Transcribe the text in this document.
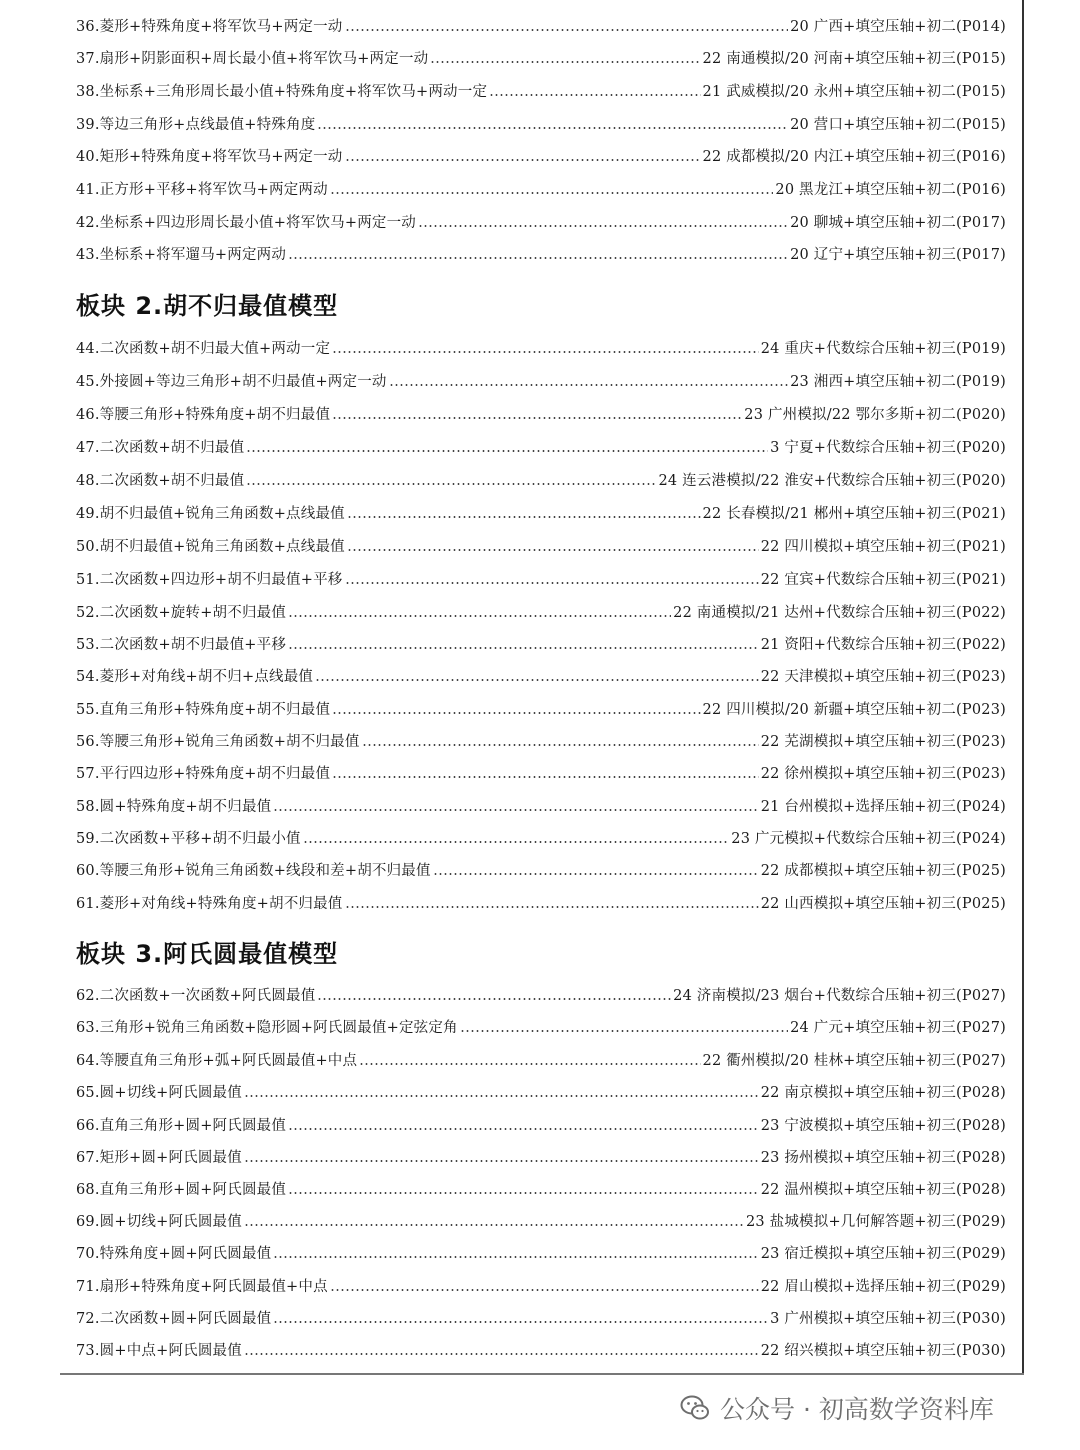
36.菱形+特殊角度+将军饮马+两定一动	20 广西+填空压轴+初二(P014)
37.扇形+阴影面积+周长最小值+将军饮马+两定一动	22 南通模拟/20 河南+填空压轴+初三(P015)
38.坐标系+三角形周长最小值+特殊角度+将军饮马+两动一定	21 武威模拟/20 永州+填空压轴+初二(P015)
39.等边三角形+点线最值+特殊角度	20 营口+填空压轴+初二(P015)
40.矩形+特殊角度+将军饮马+两定一动	22 成都模拟/20 内江+填空压轴+初三(P016)
41.正方形+平移+将军饮马+两定两动	20 黑龙江+填空压轴+初二(P016)
42.坐标系+四边形周长最小值+将军饮马+两定一动	20 聊城+填空压轴+初二(P017)
43.坐标系+将军遛马+两定两动	20 辽宁+填空压轴+初三(P017)
板块 2.胡不归最值模型
44.二次函数+胡不归最大值+两动一定	24 重庆+代数综合压轴+初三(P019)
45.外接圆+等边三角形+胡不归最值+两定一动	23 湘西+填空压轴+初二(P019)
46.等腰三角形+特殊角度+胡不归最值	23 广州模拟/22 鄂尔多斯+初二(P020)
47.二次函数+胡不归最值	3 宁夏+代数综合压轴+初三(P020)
48.二次函数+胡不归最值	24 连云港模拟/22 淮安+代数综合压轴+初三(P020)
49.胡不归最值+锐角三角函数+点线最值	22 长春模拟/21 郴州+填空压轴+初三(P021)
50.胡不归最值+锐角三角函数+点线最值	22 四川模拟+填空压轴+初三(P021)
51.二次函数+四边形+胡不归最值+平移	22 宜宾+代数综合压轴+初三(P021)
52.二次函数+旋转+胡不归最值	22 南通模拟/21 达州+代数综合压轴+初三(P022)
53.二次函数+胡不归最值+平移	21 资阳+代数综合压轴+初三(P022)
54.菱形+对角线+胡不归+点线最值	22 天津模拟+填空压轴+初三(P023)
55.直角三角形+特殊角度+胡不归最值	22 四川模拟/20 新疆+填空压轴+初二(P023)
56.等腰三角形+锐角三角函数+胡不归最值	22 芜湖模拟+填空压轴+初三(P023)
57.平行四边形+特殊角度+胡不归最值	22 徐州模拟+填空压轴+初三(P023)
58.圆+特殊角度+胡不归最值	21 台州模拟+选择压轴+初三(P024)
59.二次函数+平移+胡不归最小值	23 广元模拟+代数综合压轴+初三(P024)
60.等腰三角形+锐角三角函数+线段和差+胡不归最值	22 成都模拟+填空压轴+初三(P025)
61.菱形+对角线+特殊角度+胡不归最值	22 山西模拟+填空压轴+初三(P025)
板块 3.阿氏圆最值模型
62.二次函数+一次函数+阿氏圆最值	24 济南模拟/23 烟台+代数综合压轴+初三(P027)
63.三角形+锐角三角函数+隐形圆+阿氏圆最值+定弦定角	24 广元+填空压轴+初三(P027)
64.等腰直角三角形+弧+阿氏圆最值+中点	22 衢州模拟/20 桂林+填空压轴+初三(P027)
65.圆+切线+阿氏圆最值	22 南京模拟+填空压轴+初三(P028)
66.直角三角形+圆+阿氏圆最值	23 宁波模拟+填空压轴+初三(P028)
67.矩形+圆+阿氏圆最值	23 扬州模拟+填空压轴+初三(P028)
68.直角三角形+圆+阿氏圆最值	22 温州模拟+填空压轴+初三(P028)
69.圆+切线+阿氏圆最值	23 盐城模拟+几何解答题+初三(P029)
70.特殊角度+圆+阿氏圆最值	23 宿迁模拟+填空压轴+初三(P029)
71.扇形+特殊角度+阿氏圆最值+中点	22 眉山模拟+选择压轴+初三(P029)
72.二次函数+圆+阿氏圆最值	3 广州模拟+填空压轴+初三(P030)
73.圆+中点+阿氏圆最值	22 绍兴模拟+填空压轴+初三(P030)
公众号 · 初高数学资料库
